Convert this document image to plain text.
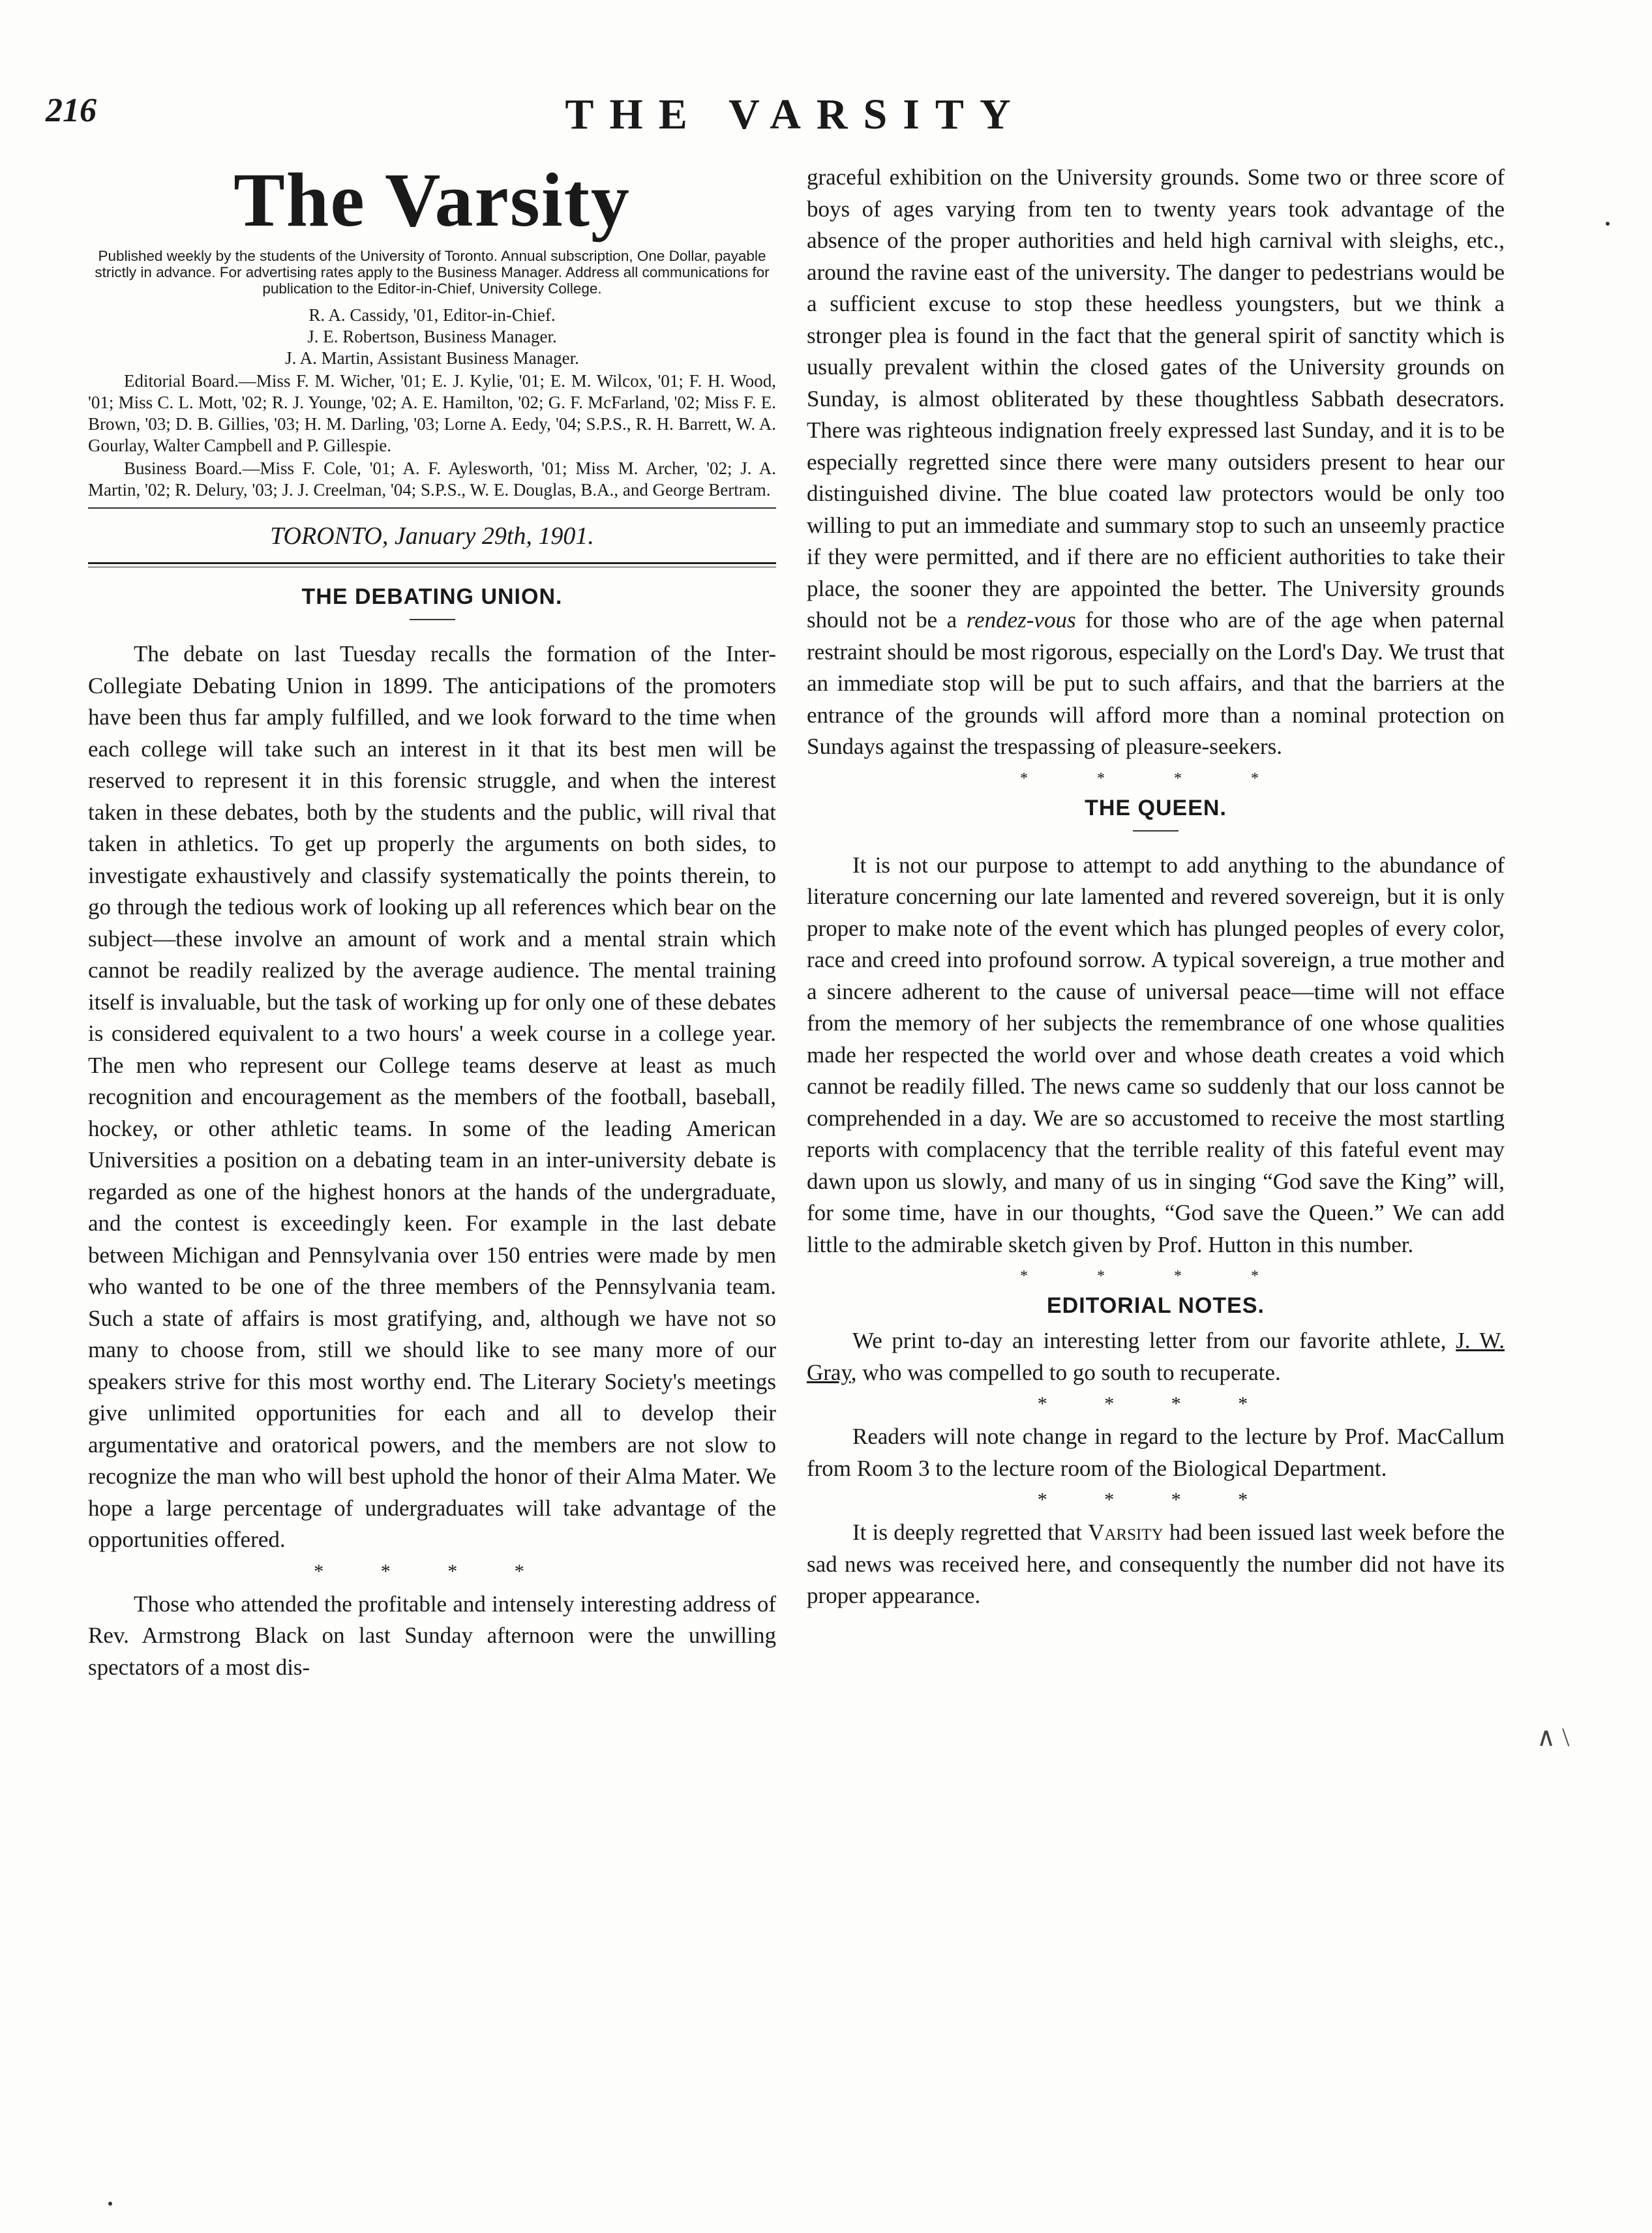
216	THE VARSITY
The Varsity

Published weekly by the students of the University of Toronto. Annual subscription, One Dollar, payable strictly in advance. For advertising rates apply to the Business Manager. Address all communications for publication to the Editor-in-Chief, University College.

R. A. Cassidy, '01, Editor-in-Chief.
J. E. Robertson, Business Manager.
J. A. Martin, Assistant Business Manager.

Editorial Board.—Miss F. M. Wicher, '01; E. J. Kylie, '01; E. M. Wilcox, '01; F. H. Wood, '01; Miss C. L. Mott, '02; R. J. Younge, '02; A. E. Hamilton, '02; G. F. McFarland, '02; Miss F. E. Brown, '03; D. B. Gillies, '03; H. M. Darling, '03; Lorne A. Eedy, '04; S.P.S., R. H. Barrett, W. A. Gourlay, Walter Campbell and P. Gillespie.

Business Board.—Miss F. Cole, '01; A. F. Aylesworth, '01; Miss M. Archer, '02; J. A. Martin, '02; R. Delury, '03; J. J. Creelman, '04; S.P.S., W. E. Douglas, B.A., and George Bertram.

TORONTO, January 29th, 1901.
THE DEBATING UNION.

The debate on last Tuesday recalls the formation of the Inter-Collegiate Debating Union in 1899. The anticipations of the promoters have been thus far amply fulfilled, and we look forward to the time when each college will take such an interest in it that its best men will be reserved to represent it in this forensic struggle, and when the interest taken in these debates, both by the students and the public, will rival that taken in athletics. To get up properly the arguments on both sides, to investigate exhaustively and classify systematically the points therein, to go through the tedious work of looking up all references which bear on the subject—these involve an amount of work and a mental strain which cannot be readily realized by the average audience. The mental training itself is invaluable, but the task of working up for only one of these debates is considered equivalent to a two hours' a week course in a college year. The men who represent our College teams deserve at least as much recognition and encouragement as the members of the football, baseball, hockey, or other athletic teams. In some of the leading American Universities a position on a debating team in an inter-university debate is regarded as one of the highest honors at the hands of the undergraduate, and the contest is exceedingly keen. For example in the last debate between Michigan and Pennsylvania over 150 entries were made by men who wanted to be one of the three members of the Pennsylvania team. Such a state of affairs is most gratifying, and, although we have not so many to choose from, still we should like to see many more of our speakers strive for this most worthy end. The Literary Society's meetings give unlimited opportunities for each and all to develop their argumentative and oratorical powers, and the members are not slow to recognize the man who will best uphold the honor of their Alma Mater. We hope a large percentage of undergraduates will take advantage of the opportunities offered.

* * * *

Those who attended the profitable and intensely interesting address of Rev. Armstrong Black on last Sunday afternoon were the unwilling spectators of a most dis-

graceful exhibition on the University grounds. Some two or three score of boys of ages varying from ten to twenty years took advantage of the absence of the proper authorities and held high carnival with sleighs, etc., around the ravine east of the university. The danger to pedestrians would be a sufficient excuse to stop these heedless youngsters, but we think a stronger plea is found in the fact that the general spirit of sanctity which is usually prevalent within the closed gates of the University grounds on Sunday, is almost obliterated by these thoughtless Sabbath desecrators. There was righteous indignation freely expressed last Sunday, and it is to be especially regretted since there were many outsiders present to hear our distinguished divine. The blue coated law protectors would be only too willing to put an immediate and summary stop to such an unseemly practice if they were permitted, and if there are no efficient authorities to take their place, the sooner they are appointed the better. The University grounds should not be a rendez-vous for those who are of the age when paternal restraint should be most rigorous, especially on the Lord's Day. We trust that an immediate stop will be put to such affairs, and that the barriers at the entrance of the grounds will afford more than a nominal protection on Sundays against the trespassing of pleasure-seekers.

* * * *
THE QUEEN.

It is not our purpose to attempt to add anything to the abundance of literature concerning our late lamented and revered sovereign, but it is only proper to make note of the event which has plunged peoples of every color, race and creed into profound sorrow. A typical sovereign, a true mother and a sincere adherent to the cause of universal peace—time will not efface from the memory of her subjects the remembrance of one whose qualities made her respected the world over and whose death creates a void which cannot be readily filled. The news came so suddenly that our loss cannot be comprehended in a day. We are so accustomed to receive the most startling reports with complacency that the terrible reality of this fateful event may dawn upon us slowly, and many of us in singing “God save the King” will, for some time, have in our thoughts, “God save the Queen.” We can add little to the admirable sketch given by Prof. Hutton in this number.

* * * *
EDITORIAL NOTES.

We print to-day an interesting letter from our favorite athlete, J. W. Gray, who was compelled to go south to recuperate.

* * * *

Readers will note change in regard to the lecture by Prof. MacCallum from Room 3 to the lecture room of the Biological Department.

* * * *

It is deeply regretted that Varsity had been issued last week before the sad news was received here, and consequently the number did not have its proper appearance.

∧ \
